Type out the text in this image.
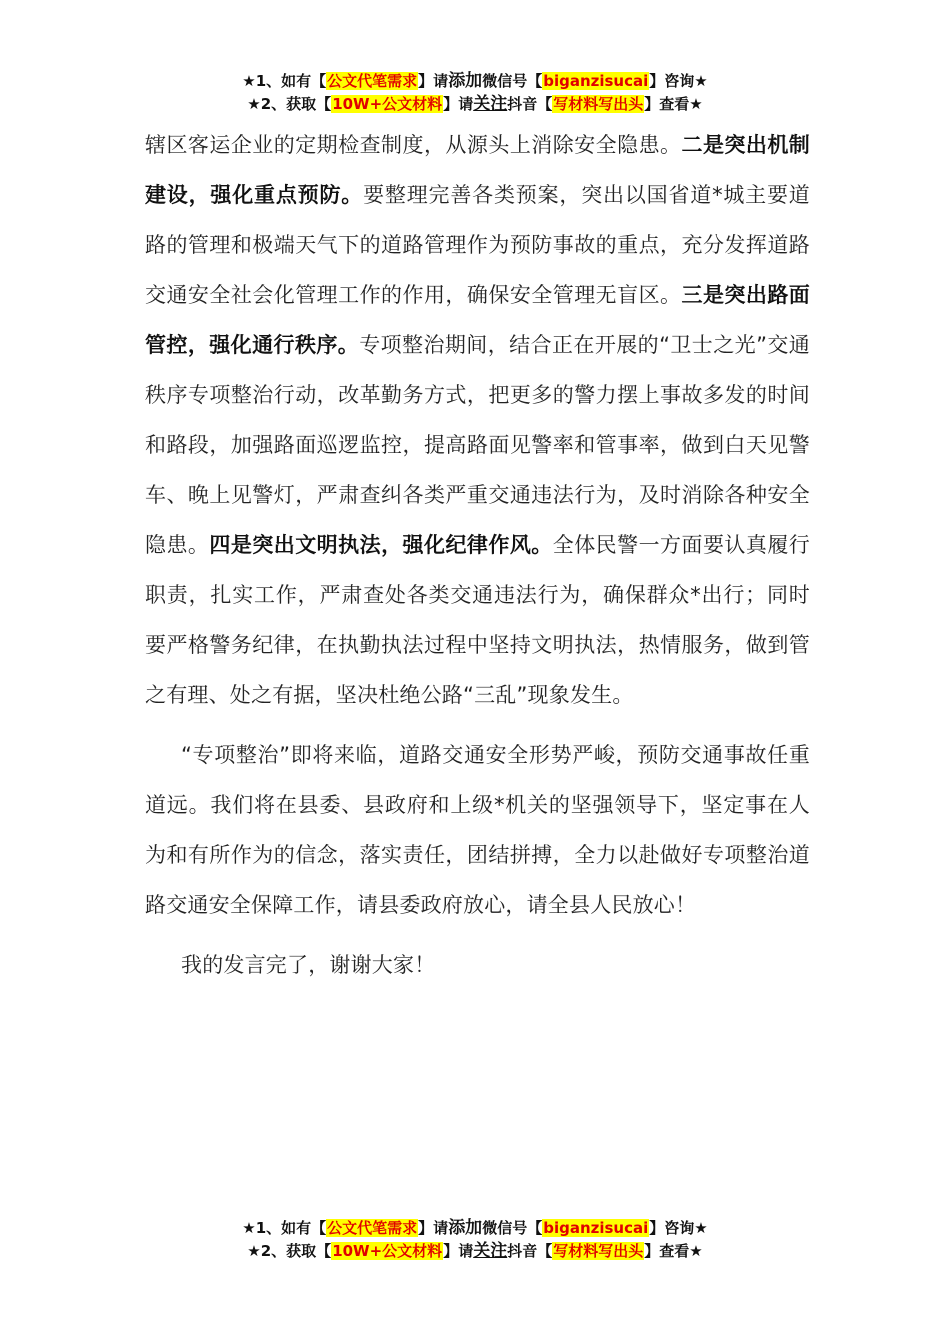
★1、如有【公文代笔需求】请添加微信号【biganzisucai】咨询★
★2、获取【10W+公文材料】请关注抖音【写材料写出头】查看★

辖区客运企业的定期检查制度，从源头上消除安全隐患。二是突出机制建设，强化重点预防。要整理完善各类预案，突出以国省道*城主要道路的管理和极端天气下的道路管理作为预防事故的重点，充分发挥道路交通安全社会化管理工作的作用，确保安全管理无盲区。三是突出路面管控，强化通行秩序。专项整治期间，结合正在开展的“卫士之光”交通秩序专项整治行动，改革勤务方式，把更多的警力摆上事故多发的时间和路段，加强路面巡逻监控，提高路面见警率和管事率，做到白天见警车、晚上见警灯，严肃查纠各类严重交通违法行为，及时消除各种安全隐患。四是突出文明执法，强化纪律作风。全体民警一方面要认真履行职责，扎实工作，严肃查处各类交通违法行为，确保群众*出行；同时要严格警务纪律，在执勤执法过程中坚持文明执法，热情服务，做到管之有理、处之有据，坚决杜绝公路“三乱”现象发生。

“专项整治”即将来临，道路交通安全形势严峻，预防交通事故任重道远。我们将在县委、县政府和上级*机关的坚强领导下，坚定事在人为和有所作为的信念，落实责任，团结拼搏，全力以赴做好专项整治道路交通安全保障工作，请县委政府放心，请全县人民放心！

我的发言完了，谢谢大家！

★1、如有【公文代笔需求】请添加微信号【biganzisucai】咨询★
★2、获取【10W+公文材料】请关注抖音【写材料写出头】查看★
